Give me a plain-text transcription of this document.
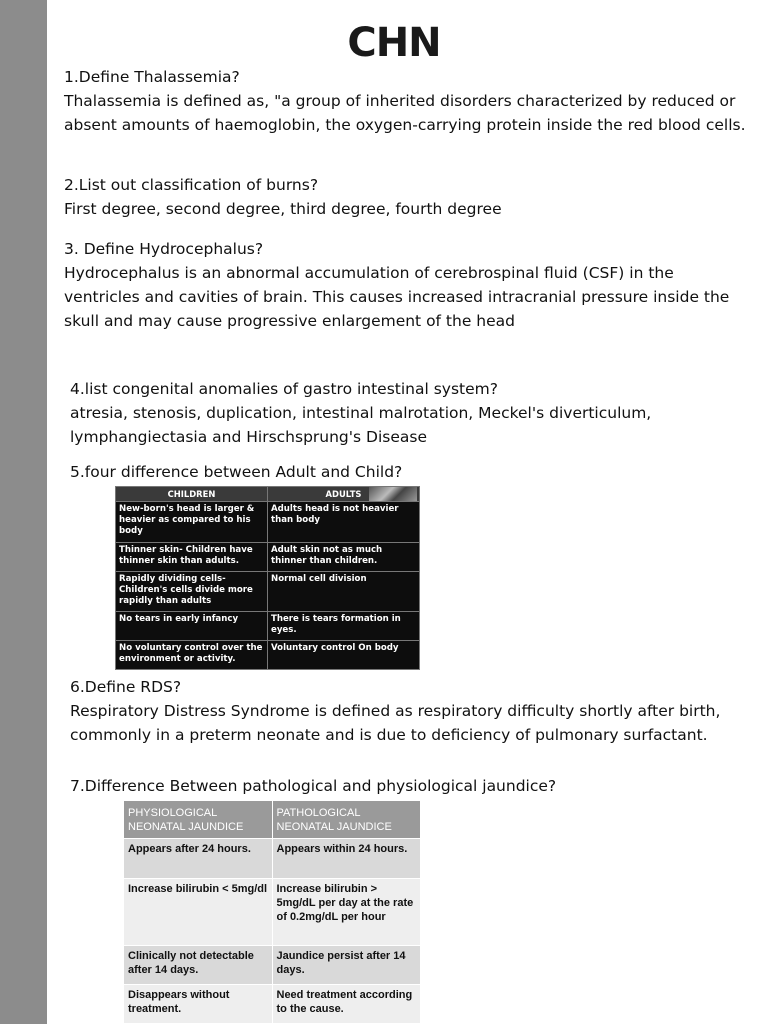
CHN
1.Define Thalassemia?
Thalassemia is defined as, "a group of inherited disorders characterized by reduced or absent amounts of haemoglobin, the oxygen-carrying protein inside the red blood cells.
2.List out classification of burns?
First degree, second degree, third degree, fourth degree
3. Define Hydrocephalus?
Hydrocephalus is an abnormal accumulation of cerebrospinal fluid (CSF) in the ventricles and cavities of brain. This causes increased intracranial pressure inside the skull and may cause progressive enlargement of the head
4.list congenital anomalies of gastro intestinal system?
atresia, stenosis, duplication, intestinal malrotation, Meckel's diverticulum, lymphangiectasia and Hirschsprung's Disease
5.four difference between Adult and Child?
CHILDREN	ADULTS

New-born's head is larger & heavier as compared to his body	Adults head is not heavier than body
Thinner skin- Children have thinner skin than adults.	Adult skin not as much thinner than children.
Rapidly dividing cells- Children's cells divide more rapidly than adults	Normal cell division
No tears in early infancy	There is tears formation in eyes.
No voluntary control over the environment or activity.	Voluntary control On body
6.Define RDS?
Respiratory Distress Syndrome is defined as respiratory difficulty shortly after birth, commonly in a preterm neonate and is due to deficiency of pulmonary surfactant.
7.Difference Between pathological and physiological jaundice?
PHYSIOLOGICAL NEONATAL JAUNDICE	PATHOLOGICAL NEONATAL JAUNDICE
Appears after 24 hours.	Appears within 24 hours.
Increase bilirubin < 5mg/dl	Increase bilirubin > 5mg/dL per day at the rate of 0.2mg/dL per hour
Clinically not detectable after 14 days.	Jaundice persist after 14 days.
Disappears without treatment.	Need treatment according to the cause.
